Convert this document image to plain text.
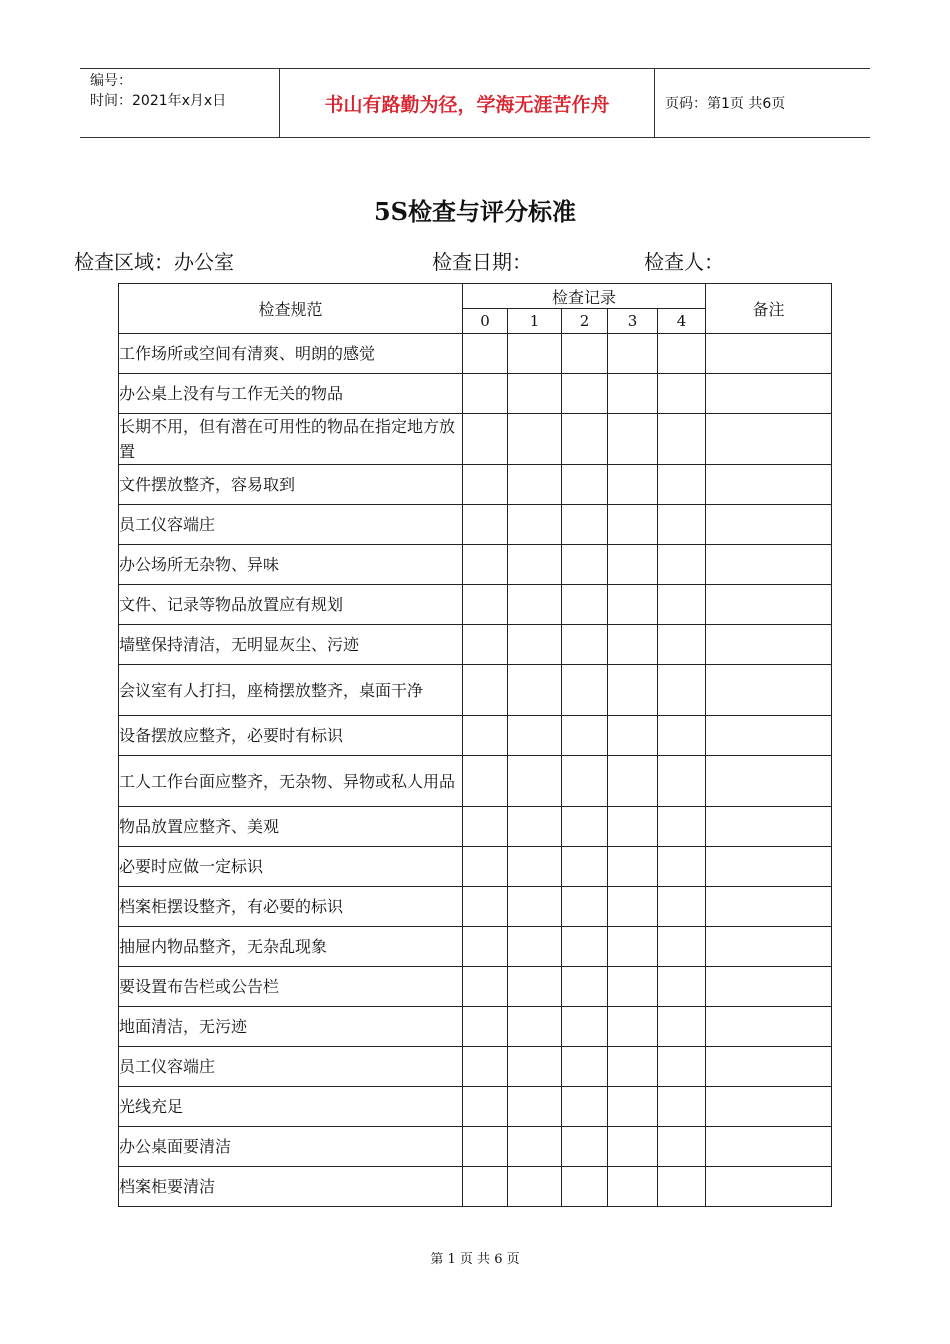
编号：
时间：2021年x月x日	书山有路勤为径，学海无涯苦作舟	页码：第1页 共6页
5S检查与评分标准
检查区域：办公室	检查日期：	检查人：
检查规范	检查记录					备注
	0	1	2	3	4	
工作场所或空间有清爽、明朗的感觉						
办公桌上没有与工作无关的物品						
长期不用，但有潜在可用性的物品在指定地方放置						
文件摆放整齐，容易取到						
员工仪容端庄						
办公场所无杂物、异味						
文件、记录等物品放置应有规划						
墙壁保持清洁，无明显灰尘、污迹						
会议室有人打扫，座椅摆放整齐，桌面干净						
设备摆放应整齐，必要时有标识						
工人工作台面应整齐，无杂物、异物或私人用品						
物品放置应整齐、美观						
必要时应做一定标识						
档案柜摆设整齐，有必要的标识						
抽屉内物品整齐，无杂乱现象						
要设置布告栏或公告栏						
地面清洁，无污迹						
员工仪容端庄						
光线充足						
办公桌面要清洁						
档案柜要清洁						
第 1 页 共 6 页
